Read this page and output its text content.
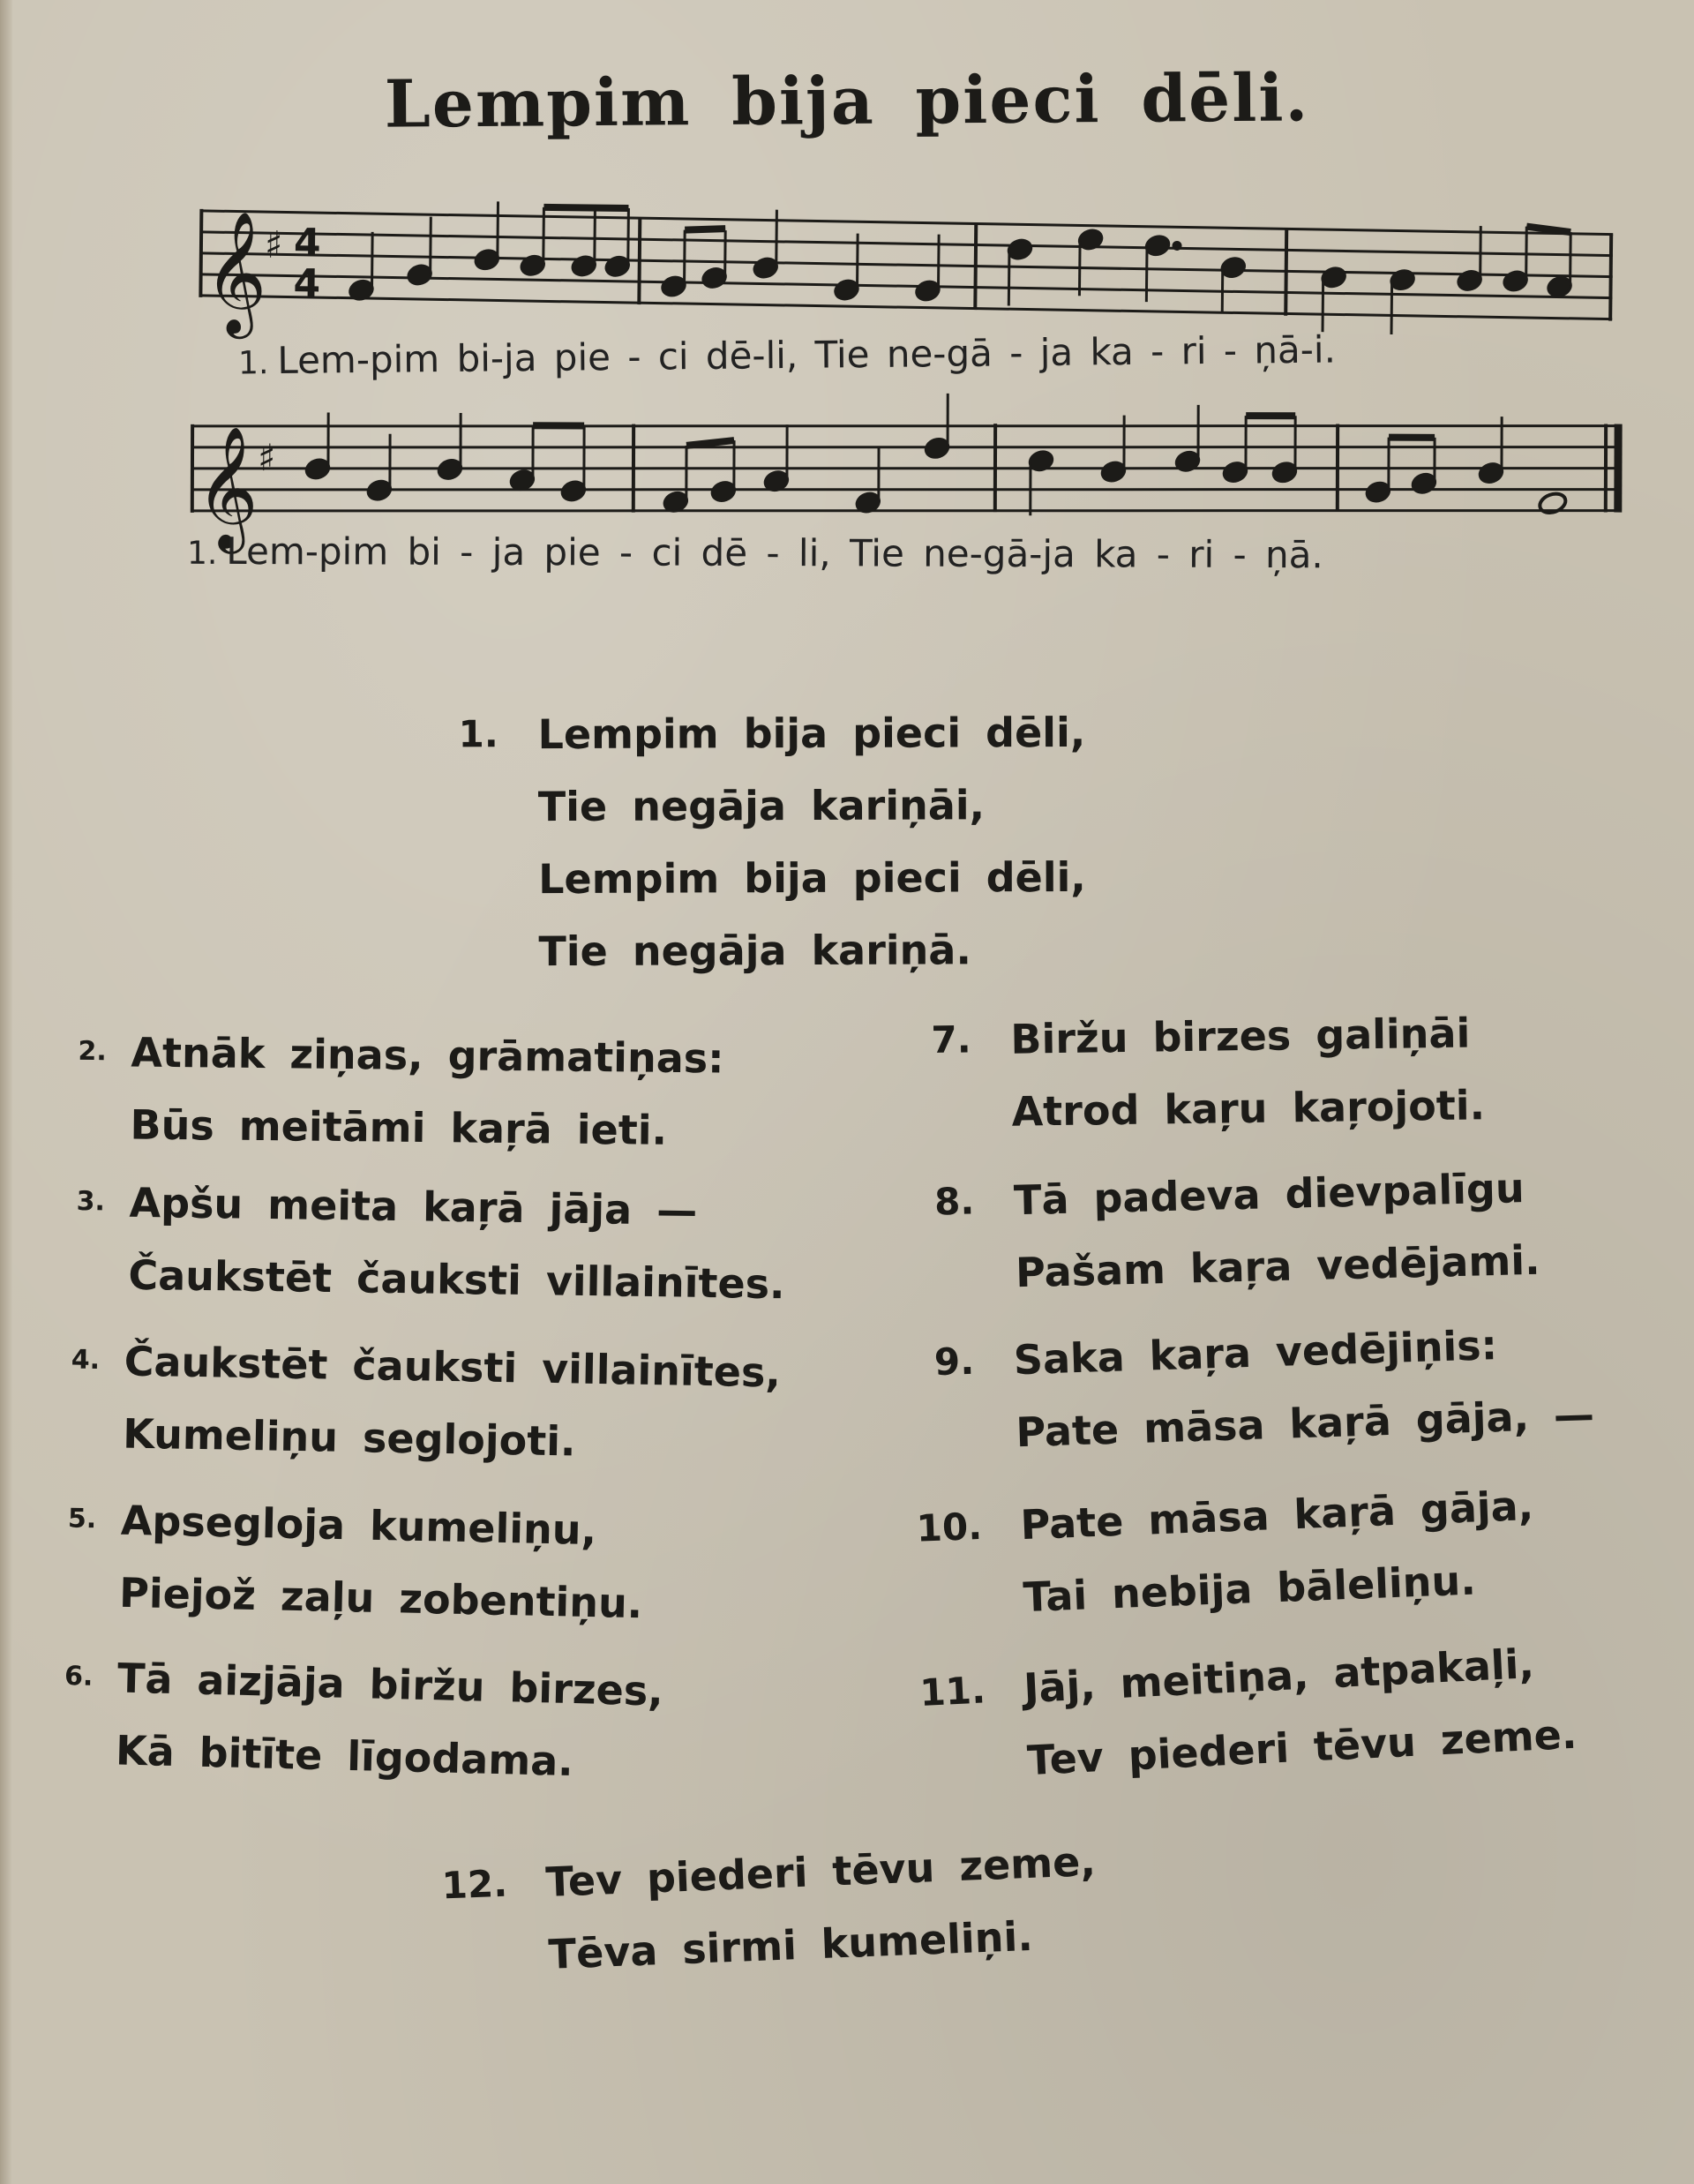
Lempim bija pieci dēli.
𝄞
♯ 4
4
𝄞
♯
1. Lem-pim bi-ja pie - ci dē-li, Tie ne-gā - ja ka - ri - ņā-i.
1. Lem-pim bi - ja pie - ci dē - li, Tie ne-gā-ja ka - ri - ņā.
1. Lempim bija pieci dēli,
Tie negāja kariņāi,
Lempim bija pieci dēli,
Tie negāja kariņā.
2. Atnāk ziņas, grāmatiņas:
Būs meitāmi kaŗā ieti.
3. Apšu meita kaŗā jāja —
Čaukstēt čauksti villainītes.
4. Čaukstēt čauksti villainītes,
Kumeliņu seglojoti.
5. Apsegloja kumeliņu,
Piejož zaļu zobentiņu.
6. Tā aizjāja biržu birzes,
Kā bitīte līgodama.
7. Biržu birzes galiņāi
Atrod kaŗu kaŗojoti.
8. Tā padeva dievpalīgu
Pašam kaŗa vedējami.
9. Saka kaŗa vedējiņis:
Pate māsa kaŗā gāja, —
10. Pate māsa kaŗā gāja,
Tai nebija bāleliņu.
11. Jāj, meitiņa, atpakaļi,
Tev piederi tēvu zeme.
12. Tev piederi tēvu zeme,
Tēva sirmi kumeliņi.
